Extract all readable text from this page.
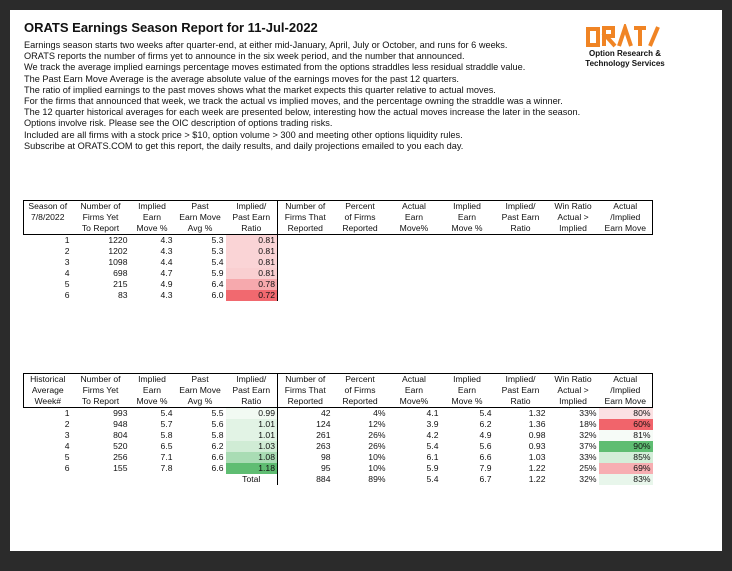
ORATS Earnings Season Report for 11-Jul-2022
Earnings season starts two weeks after quarter-end, at either mid-January, April, July or October, and runs for 6 weeks.
ORATS reports the number of firms yet to announce in the six week period, and the number that announced.
We track the average implied earnings percentage moves estimated from the options straddles less residual straddle value.
The Past Earn Move Average is the average absolute value of the earnings moves for the past 12 quarters.
The ratio of implied earnings to the past moves shows what the market expects this quarter relative to actual moves.
For the firms that announced that week, we track the actual vs implied moves, and the percentage owning the straddle was a winner.
The 12 quarter historical averages for each week are presented below, interesting how the actual moves increase the later in the season.
Options involve risk. Please see the OIC description of options trading risks.
Included are all firms with a stock price > $10, option volume > 300 and meeting other options liquidity rules.
Subscribe at ORATS.COM to get this report, the daily results, and daily projections emailed to you each day.
Option Research &
Technology Services
Season of	Number of	Implied	Past	Implied/	Number of	Percent	Actual	Implied	Implied/	Win Ratio	Actual
7/8/2022	Firms Yet	Earn	Earn Move	Past Earn	Firms That	of Firms	Earn	Earn	Past Earn	Actual >	/Implied
	To Report	Move %	Avg %	Ratio	Reported	Reported	Move%	Move %	Ratio	Implied	Earn Move
1	1220	4.3	5.3	0.81							
2	1202	4.3	5.3	0.81							
3	1098	4.4	5.4	0.81							
4	698	4.7	5.9	0.81							
5	215	4.9	6.4	0.78							
6	83	4.3	6.0	0.72							
Historical	Number of	Implied	Past	Implied/	Number of	Percent	Actual	Implied	Implied/	Win Ratio	Actual
Average	Firms Yet	Earn	Earn Move	Past Earn	Firms That	of Firms	Earn	Earn	Past Earn	Actual >	/Implied
Week#	To Report	Move %	Avg %	Ratio	Reported	Reported	Move%	Move %	Ratio	Implied	Earn Move
1	993	5.4	5.5	0.99	42	4%	4.1	5.4	1.32	33%	80%
2	948	5.7	5.6	1.01	124	12%	3.9	6.2	1.36	18%	60%
3	804	5.8	5.8	1.01	261	26%	4.2	4.9	0.98	32%	81%
4	520	6.5	6.2	1.03	263	26%	5.4	5.6	0.93	37%	90%
5	256	7.1	6.6	1.08	98	10%	6.1	6.6	1.03	33%	85%
6	155	7.8	6.6	1.18	95	10%	5.9	7.9	1.22	25%	69%
				Total	884	89%	5.4	6.7	1.22	32%	83%
